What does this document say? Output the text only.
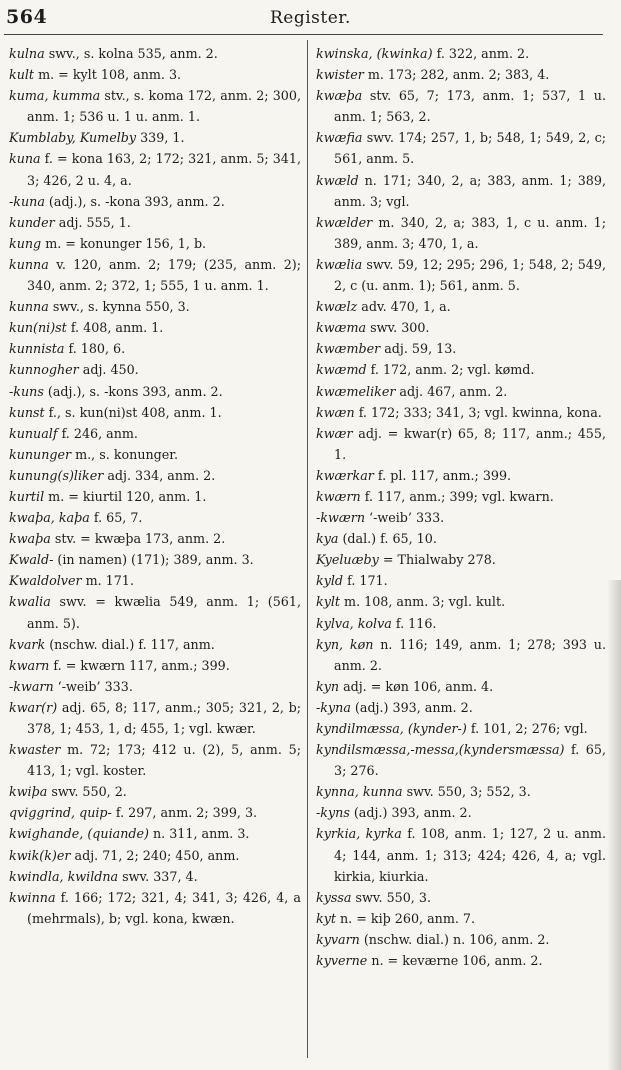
564	Register.
kulna swv., s. kolna 535, anm. 2.
kult m. = kylt 108, anm. 3.
kuma, kumma stv., s. koma 172, anm. 2; 300, anm. 1; 536 u. 1 u. anm. 1.
Kumblaby, Kumelby 339, 1.
kuna f. = kona 163, 2; 172; 321, anm. 5; 341, 3; 426, 2 u. 4, a.
-kuna (adj.), s. -kona 393, anm. 2.
kunder adj. 555, 1.
kung m. = konunger 156, 1, b.
kunna v. 120, anm. 2; 179; (235, anm. 2); 340, anm. 2; 372, 1; 555, 1 u. anm. 1.
kunna swv., s. kynna 550, 3.
kun(ni)st f. 408, anm. 1.
kunnista f. 180, 6.
kunnogher adj. 450.
-kuns (adj.), s. -kons 393, anm. 2.
kunst f., s. kun(ni)st 408, anm. 1.
kunualf f. 246, anm.
kununger m., s. konunger.
kunung(s)liker adj. 334, anm. 2.
kurtil m. = kiurtil 120, anm. 1.
kwaþa, kaþa f. 65, 7.
kwaþa stv. = kwæþa 173, anm. 2.
Kwald- (in namen) (171); 389, anm. 3.
Kwaldolver m. 171.
kwalia swv. = kwælia 549, anm. 1; (561, anm. 5).
kvark (nschw. dial.) f. 117, anm.
kwarn f. = kwærn 117, anm.; 399.
-kwarn ‘-weib’ 333.
kwar(r) adj. 65, 8; 117, anm.; 305; 321, 2, b; 378, 1; 453, 1, d; 455, 1; vgl. kwær.
kwaster m. 72; 173; 412 u. (2), 5, anm. 5; 413, 1; vgl. koster.
kwiþa swv. 550, 2.
qviggrind, quip- f. 297, anm. 2; 399, 3.
kwighande, (quiande) n. 311, anm. 3.
kwik(k)er adj. 71, 2; 240; 450, anm.
kwindla, kwildna swv. 337, 4.
kwinna f. 166; 172; 321, 4; 341, 3; 426, 4, a (mehrmals), b; vgl. kona, kwæn.
kwinska, (kwinka) f. 322, anm. 2.
kwister m. 173; 282, anm. 2; 383, 4.
kwæþa stv. 65, 7; 173, anm. 1; 537, 1 u. anm. 1; 563, 2.
kwæfia swv. 174; 257, 1, b; 548, 1; 549, 2, c; 561, anm. 5.
kwæld n. 171; 340, 2, a; 383, anm. 1; 389, anm. 3; vgl.
kwælder m. 340, 2, a; 383, 1, c u. anm. 1; 389, anm. 3; 470, 1, a.
kwælia swv. 59, 12; 295; 296, 1; 548, 2; 549, 2, c (u. anm. 1); 561, anm. 5.
kwælz adv. 470, 1, a.
kwæma swv. 300.
kwæmber adj. 59, 13.
kwæmd f. 172, anm. 2; vgl. kømd.
kwæmeliker adj. 467, anm. 2.
kwæn f. 172; 333; 341, 3; vgl. kwinna, kona.
kwær adj. = kwar(r) 65, 8; 117, anm.; 455, 1.
kwærkar f. pl. 117, anm.; 399.
kwærn f. 117, anm.; 399; vgl. kwarn.
-kwærn ‘-weib’ 333.
kya (dal.) f. 65, 10.
Kyeluæby = Thialwaby 278.
kyld f. 171.
kylt m. 108, anm. 3; vgl. kult.
kylva, kolva f. 116.
kyn, køn n. 116; 149, anm. 1; 278; 393 u. anm. 2.
kyn adj. = køn 106, anm. 4.
-kyna (adj.) 393, anm. 2.
kyndilmæssa, (kynder-) f. 101, 2; 276; vgl.
kyndilsmæssa,-messa,(kyndersmæssa) f. 65, 3; 276.
kynna, kunna swv. 550, 3; 552, 3.
-kyns (adj.) 393, anm. 2.
kyrkia, kyrka f. 108, anm. 1; 127, 2 u. anm. 4; 144, anm. 1; 313; 424; 426, 4, a; vgl. kirkia, kiurkia.
kyssa swv. 550, 3.
kyt n. = kiþ 260, anm. 7.
kyvarn (nschw. dial.) n. 106, anm. 2.
kyverne n. = keværne 106, anm. 2.
